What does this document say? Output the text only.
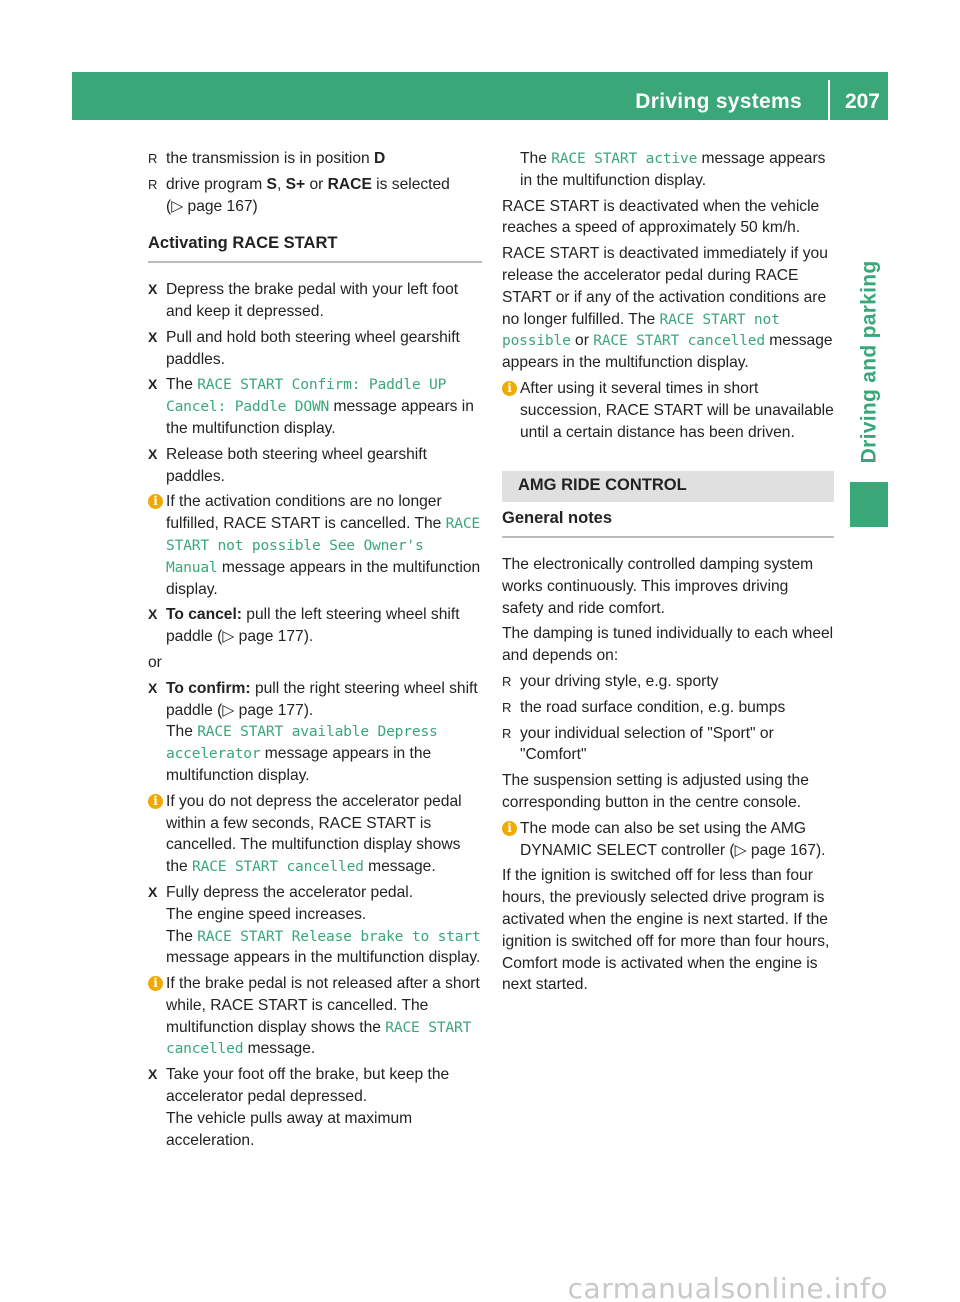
Driving systems	207
Driving and parking
R the transmission is in position D
R drive program S, S+ or RACE is selected
(▷ page 167)
Activating RACE START
X Depress the brake pedal with your left foot and keep it depressed.
X Pull and hold both steering wheel gearshift paddles.
X The RACE START Confirm: Paddle UP Cancel: Paddle DOWN message appears in the multifunction display.
X Release both steering wheel gearshift paddles.
i If the activation conditions are no longer fulfilled, RACE START is cancelled. The RACE START not possible See Owner's Manual message appears in the multifunction display.
X To cancel: pull the left steering wheel shift paddle (▷ page 177).
or
X To confirm: pull the right steering wheel shift paddle (▷ page 177).
The RACE START available Depress accelerator message appears in the multifunction display.
i If you do not depress the accelerator pedal within a few seconds, RACE START is cancelled. The multifunction display shows the RACE START cancelled message.
X Fully depress the accelerator pedal.
The engine speed increases.
The RACE START Release brake to start message appears in the multifunction display.
i If the brake pedal is not released after a short while, RACE START is cancelled. The multifunction display shows the RACE START cancelled message.
X Take your foot off the brake, but keep the accelerator pedal depressed.
The vehicle pulls away at maximum acceleration.
The RACE START active message appears in the multifunction display.
RACE START is deactivated when the vehicle reaches a speed of approximately 50 km/h.
RACE START is deactivated immediately if you release the accelerator pedal during RACE START or if any of the activation conditions are no longer fulfilled. The RACE START not possible or RACE START cancelled message appears in the multifunction display.
i After using it several times in short succession, RACE START will be unavailable until a certain distance has been driven.
AMG RIDE CONTROL
General notes
The electronically controlled damping system works continuously. This improves driving safety and ride comfort.
The damping is tuned individually to each wheel and depends on:
R your driving style, e.g. sporty
R the road surface condition, e.g. bumps
R your individual selection of "Sport" or "Comfort"
The suspension setting is adjusted using the corresponding button in the centre console.
i The mode can also be set using the AMG DYNAMIC SELECT controller (▷ page 167).
If the ignition is switched off for less than four hours, the previously selected drive program is activated when the engine is next started. If the ignition is switched off for more than four hours, Comfort mode is activated when the engine is next started.
carmanualsonline.info
